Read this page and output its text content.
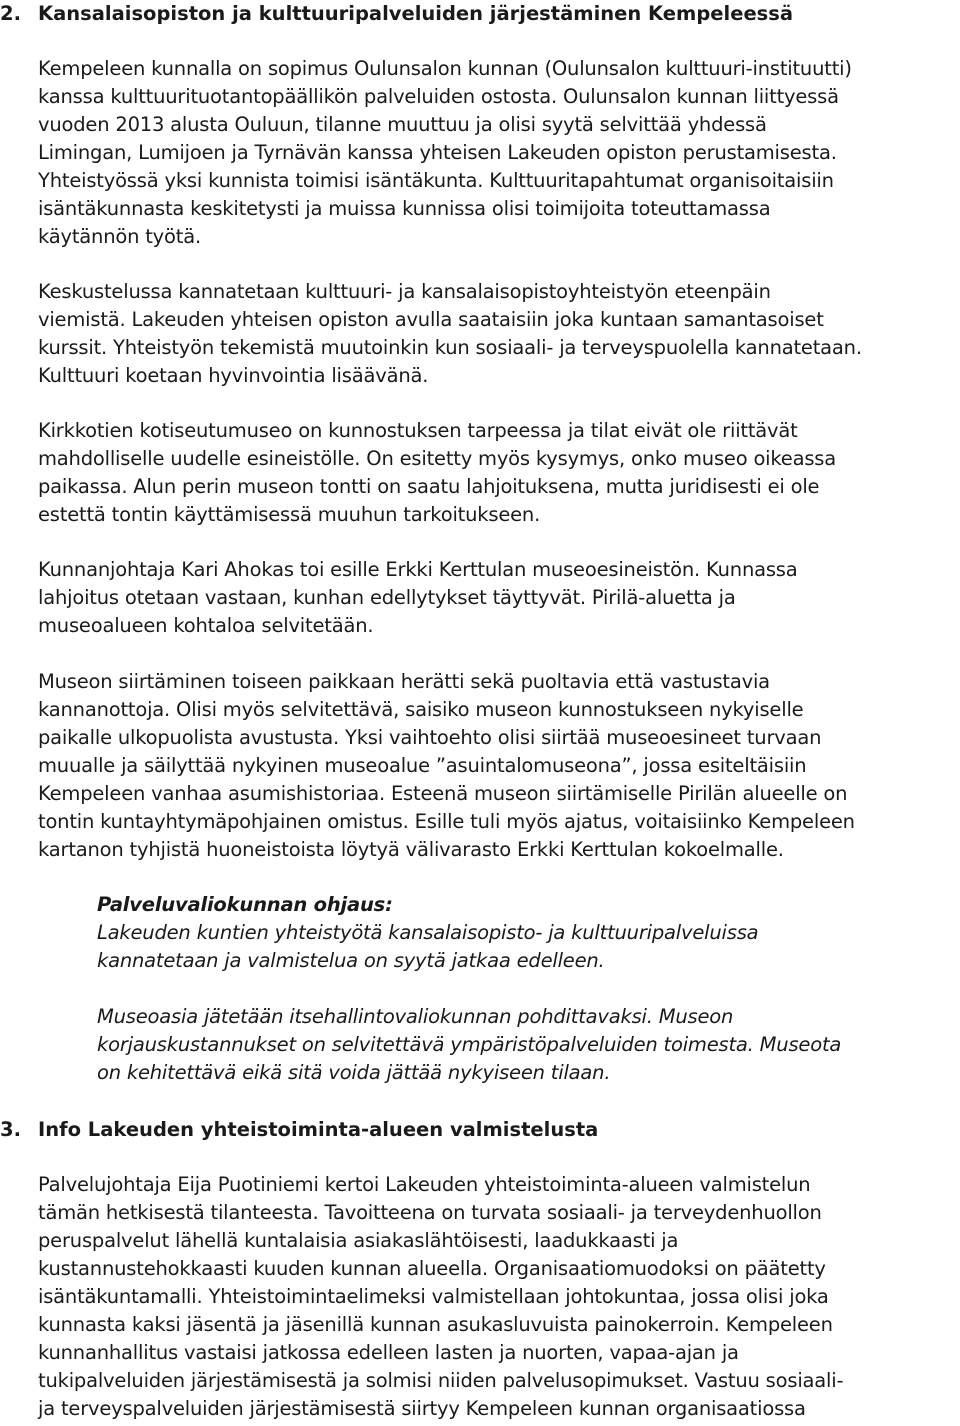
2. Kansalaisopiston ja kulttuuripalveluiden järjestäminen Kempeleessä
Kempeleen kunnalla on sopimus Oulunsalon kunnan (Oulunsalon kulttuuri-instituutti)
kanssa kulttuurituotantopäällikön palveluiden ostosta. Oulunsalon kunnan liittyessä
vuoden 2013 alusta Ouluun, tilanne muuttuu ja olisi syytä selvittää yhdessä
Limingan, Lumijoen ja Tyrnävän kanssa yhteisen Lakeuden opiston perustamisesta.
Yhteistyössä yksi kunnista toimisi isäntäkunta. Kulttuuritapahtumat organisoitaisiin
isäntäkunnasta keskitetysti ja muissa kunnissa olisi toimijoita toteuttamassa
käytännön työtä.
Keskustelussa kannatetaan kulttuuri- ja kansalaisopistoyhteistyön eteenpäin
viemistä. Lakeuden yhteisen opiston avulla saataisiin joka kuntaan samantasoiset
kurssit. Yhteistyön tekemistä muutoinkin kun sosiaali- ja terveyspuolella kannatetaan.
Kulttuuri koetaan hyvinvointia lisäävänä.
Kirkkotien kotiseutumuseo on kunnostuksen tarpeessa ja tilat eivät ole riittävät
mahdolliselle uudelle esineistölle. On esitetty myös kysymys, onko museo oikeassa
paikassa. Alun perin museon tontti on saatu lahjoituksena, mutta juridisesti ei ole
estettä tontin käyttämisessä muuhun tarkoitukseen.
Kunnanjohtaja Kari Ahokas toi esille Erkki Kerttulan museoesineistön. Kunnassa
lahjoitus otetaan vastaan, kunhan edellytykset täyttyvät. Pirilä-aluetta ja
museoalueen kohtaloa selvitetään.
Museon siirtäminen toiseen paikkaan herätti sekä puoltavia että vastustavia
kannanottoja. Olisi myös selvitettävä, saisiko museon kunnostukseen nykyiselle
paikalle ulkopuolista avustusta. Yksi vaihtoehto olisi siirtää museoesineet turvaan
muualle ja säilyttää nykyinen museoalue ”asuintalomuseona”, jossa esiteltäisiin
Kempeleen vanhaa asumishistoriaa. Esteenä museon siirtämiselle Pirilän alueelle on
tontin kuntayhtymäpohjainen omistus. Esille tuli myös ajatus, voitaisiinko Kempeleen
kartanon tyhjistä huoneistoista löytyä välivarasto Erkki Kerttulan kokoelmalle.
Palveluvaliokunnan ohjaus:
Lakeuden kuntien yhteistyötä kansalaisopisto- ja kulttuuripalveluissa
kannatetaan ja valmistelua on syytä jatkaa edelleen.
Museoasia jätetään itsehallintovaliokunnan pohdittavaksi. Museon
korjauskustannukset on selvitettävä ympäristöpalveluiden toimesta. Museota
on kehitettävä eikä sitä voida jättää nykyiseen tilaan.
3. Info Lakeuden yhteistoiminta-alueen valmistelusta
Palvelujohtaja Eija Puotiniemi kertoi Lakeuden yhteistoiminta-alueen valmistelun
tämän hetkisestä tilanteesta. Tavoitteena on turvata sosiaali- ja terveydenhuollon
peruspalvelut lähellä kuntalaisia asiakaslähtöisesti, laadukkaasti ja
kustannustehokkaasti kuuden kunnan alueella. Organisaatiomuodoksi on päätetty
isäntäkuntamalli. Yhteistoimintaelimeksi valmistellaan johtokuntaa, jossa olisi joka
kunnasta kaksi jäsentä ja jäsenillä kunnan asukasluvuista painokerroin. Kempeleen
kunnanhallitus vastaisi jatkossa edelleen lasten ja nuorten, vapaa-ajan ja
tukipalveluiden järjestämisestä ja solmisi niiden palvelusopimukset. Vastuu sosiaali-
ja terveyspalveluiden järjestämisestä siirtyy Kempeleen kunnan organisaatiossa
